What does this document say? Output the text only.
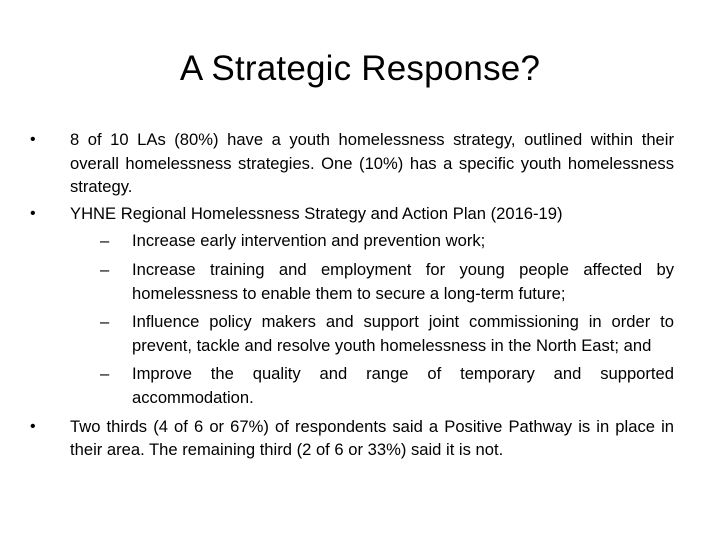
A Strategic Response?
•	8 of 10 LAs (80%) have a youth homelessness strategy, outlined within their overall homelessness strategies. One (10%) has a specific youth homelessness strategy.
•	YHNE Regional Homelessness Strategy and Action Plan (2016-19)
– Increase early intervention and prevention work;
– Increase training and employment for young people affected by homelessness to enable them to secure a long-term future;
– Influence policy makers and support joint commissioning in order to prevent, tackle and resolve youth homelessness in the North East; and
– Improve the quality and range of temporary and supported accommodation.
•	Two thirds (4 of 6 or 67%) of respondents said a Positive Pathway is in place in their area. The remaining third (2 of 6 or 33%) said it is not.
